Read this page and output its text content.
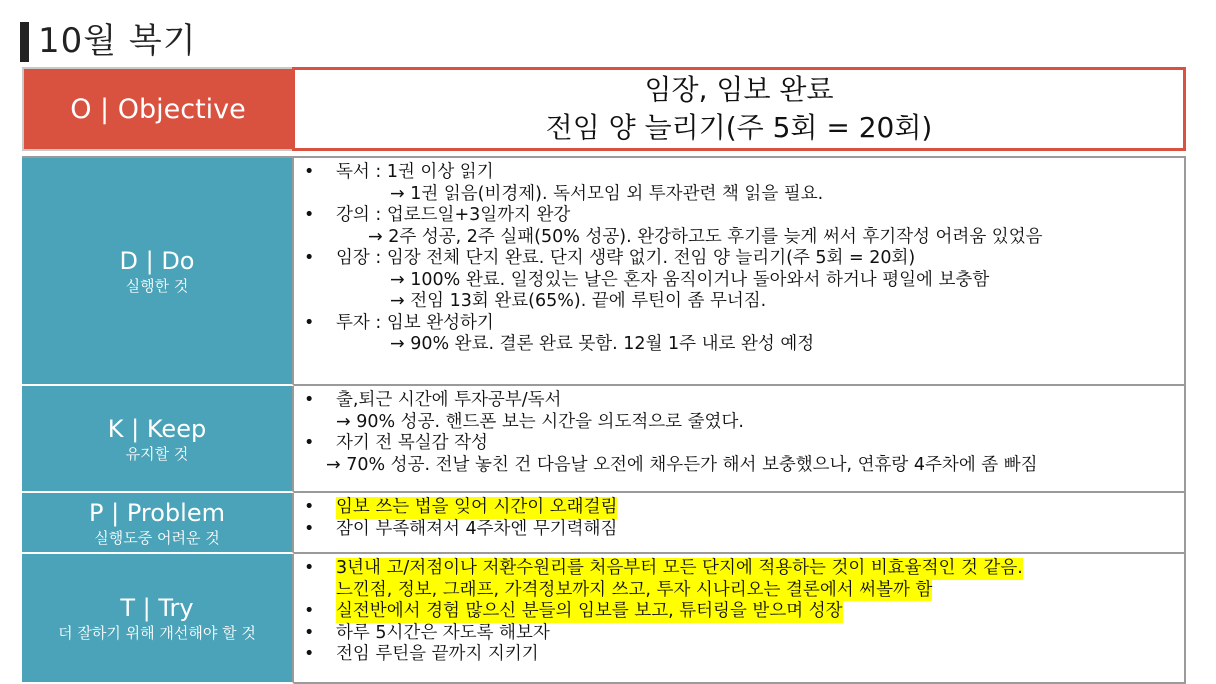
10월 복기
O | Objective
임장, 임보 완료
전임 양 늘리기(주 5회 = 20회)
D | Do
실행한 것
• 독서 : 1권 이상 읽기
→ 1권 읽음(비경제). 독서모임 외 투자관련 책 읽을 필요.
• 강의 : 업로드일+3일까지 완강
→ 2주 성공, 2주 실패(50% 성공). 완강하고도 후기를 늦게 써서 후기작성 어려움 있었음
• 임장 : 임장 전체 단지 완료. 단지 생략 없기. 전임 양 늘리기(주 5회 = 20회)
→ 100% 완료. 일정있는 날은 혼자 움직이거나 돌아와서 하거나 평일에 보충함
→ 전임 13회 완료(65%). 끝에 루틴이 좀 무너짐.
• 투자 : 임보 완성하기
→ 90% 완료. 결론 완료 못함. 12월 1주 내로 완성 예정
K | Keep
유지할 것
• 출,퇴근 시간에 투자공부/독서
→ 90% 성공. 핸드폰 보는 시간을 의도적으로 줄였다.
• 자기 전 목실감 작성
→ 70% 성공. 전날 놓친 건 다음날 오전에 채우든가 해서 보충했으나, 연휴랑 4주차에 좀 빠짐
P | Problem
실행도중 어려운 것
• 임보 쓰는 법을 잊어 시간이 오래걸림
• 잠이 부족해져서 4주차엔 무기력해짐
T | Try
더 잘하기 위해 개선해야 할 것
• 3년내 고/저점이나 저환수원리를 처음부터 모든 단지에 적용하는 것이 비효율적인 것 같음.
느낀점, 정보, 그래프, 가격정보까지 쓰고, 투자 시나리오는 결론에서 써볼까 함
• 실전반에서 경험 많으신 분들의 임보를 보고, 튜터링을 받으며 성장
• 하루 5시간은 자도록 해보자
• 전임 루틴을 끝까지 지키기
